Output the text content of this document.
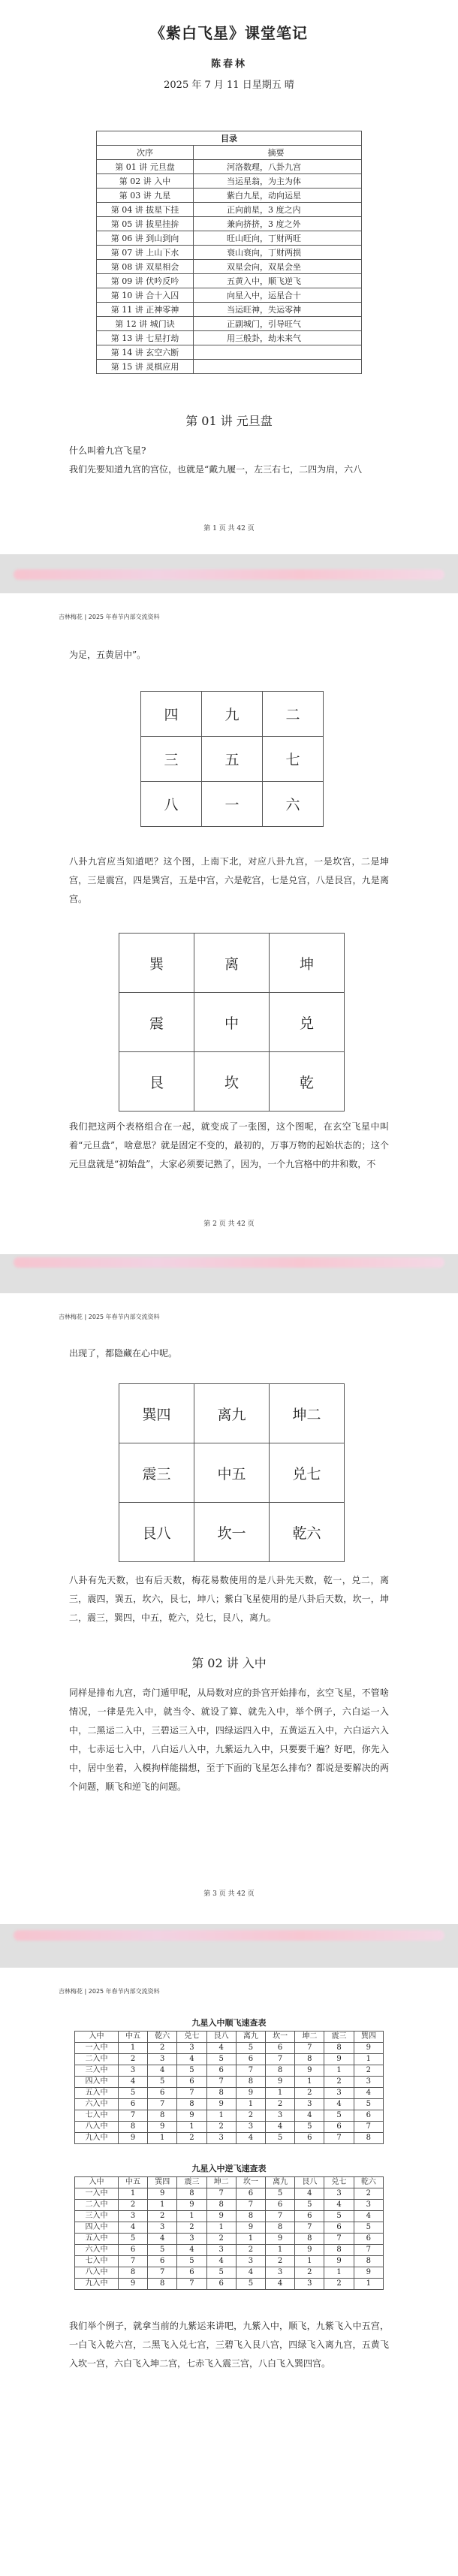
《紫白飞星》课堂笔记
陈春林
2025 年 7 月 11 日星期五 晴
目录	
次序	摘要
第 01 讲 元旦盘	河洛数理，八卦九宫
第 02 讲 入中	当运星翁，为主为体
第 03 讲 九星	紫白九星，动向运星
第 04 讲 拔星下挂	正向前星，3 度之内
第 05 讲 拔星挂拚	兼向挤挤，3 度之外
第 06 讲 到山到向	旺山旺向，丁财两旺
第 07 讲 上山下水	衰山衰向，丁财两损
第 08 讲 双星相会	双星会向，双星会坐
第 09 讲 伏吟反吟	五黄入中，顺飞逆飞
第 10 讲 合十入囚	向星入中，运星合十
第 11 讲 正神零神	当运旺神，失运零神
第 12 讲 城门诀	正副城门，引导旺气
第 13 讲 七星打劫	用三般卦，劫未来气
第 14 讲 玄空六断	
第 15 讲 灵棋应用	
第 01 讲 元旦盘
什么叫着九宫飞星?
我们先要知道九宫的宫位，也就是“戴九履一，左三右七，二四为肩，六八
第 1 页 共 42 页
吉林梅花 | 2025 年春节内部交流资料
为足，五黄居中”。
四	九	二
三	五	七
八	一	六
八卦九宫应当知道吧？这个图，上南下北，对应八卦九宫，一是坎宫，二是坤宫，三是震宫，四是巽宫，五是中宫，六是乾宫，七是兑宫，八是艮宫，九是离宫。
巽	离	坤
震	中	兑
艮	坎	乾
我们把这两个表格组合在一起，就变成了一张图，这个图呢，在玄空飞星中叫着“元旦盘”，啥意思？就是固定不变的，最初的，万事万物的起始状态的；这个元旦盘就是“初始盘”，大家必须要记熟了，因为，一个九宫格中的井和数，不
第 2 页 共 42 页
吉林梅花 | 2025 年春节内部交流资料
出现了，都隐藏在心中呢。
巽四	离九	坤二
震三	中五	兑七
艮八	坎一	乾六
八卦有先天数，也有后天数，梅花易数使用的是八卦先天数，乾一，兑二，离三，震四，巽五，坎六，艮七，坤八；紫白飞星使用的是八卦后天数，坎一，坤二，震三，巽四，中五，乾六，兑七，艮八，离九。
第 02 讲 入中
同样是排布九宫，奇门遁甲呢，从局数对应的卦宫开始排布，玄空飞星，不管啥情况，一律是先入中，就当令、就设了算、就先入中，举个例子，六白运一入中，二黑运二入中，三碧运三入中，四绿运四入中，五黄运五入中，六白运六入中，七赤运七入中，八白运八入中，九紫运九入中，只要要千遍？好吧，你先入中，居中坐着，入模拘样能揣想，至于下面的飞星怎么排布？都说是要解决的两个问题，顺飞和逆飞的问题。
第 3 页 共 42 页
吉林梅花 | 2025 年春节内部交流资料
九星入中顺飞速查表									
入中	中五	乾六	兑七	艮八	离九	坎一	坤二	震三	巽四
一入中	1	2	3	4	5	6	7	8	9
二入中	2	3	4	5	6	7	8	9	1
三入中	3	4	5	6	7	8	9	1	2
四入中	4	5	6	7	8	9	1	2	3
五入中	5	6	7	8	9	1	2	3	4
六入中	6	7	8	9	1	2	3	4	5
七入中	7	8	9	1	2	3	4	5	6
八入中	8	9	1	2	3	4	5	6	7
九入中	9	1	2	3	4	5	6	7	8
九星入中逆飞速查表									
入中	中五	巽四	震三	坤二	坎一	离九	艮八	兑七	乾六
一入中	1	9	8	7	6	5	4	3	2
二入中	2	1	9	8	7	6	5	4	3
三入中	3	2	1	9	8	7	6	5	4
四入中	4	3	2	1	9	8	7	6	5
五入中	5	4	3	2	1	9	8	7	6
六入中	6	5	4	3	2	1	9	8	7
七入中	7	6	5	4	3	2	1	9	8
八入中	8	7	6	5	4	3	2	1	9
九入中	9	8	7	6	5	4	3	2	1
我们举个例子，就拿当前的九紫运来讲吧，九紫入中，顺飞，九紫飞入中五宫，一白飞入乾六宫，二黑飞入兑七宫，三碧飞入艮八宫，四绿飞入离九宫，五黄飞入坎一宫，六白飞入坤二宫，七赤飞入震三宫，八白飞入巽四宫。
